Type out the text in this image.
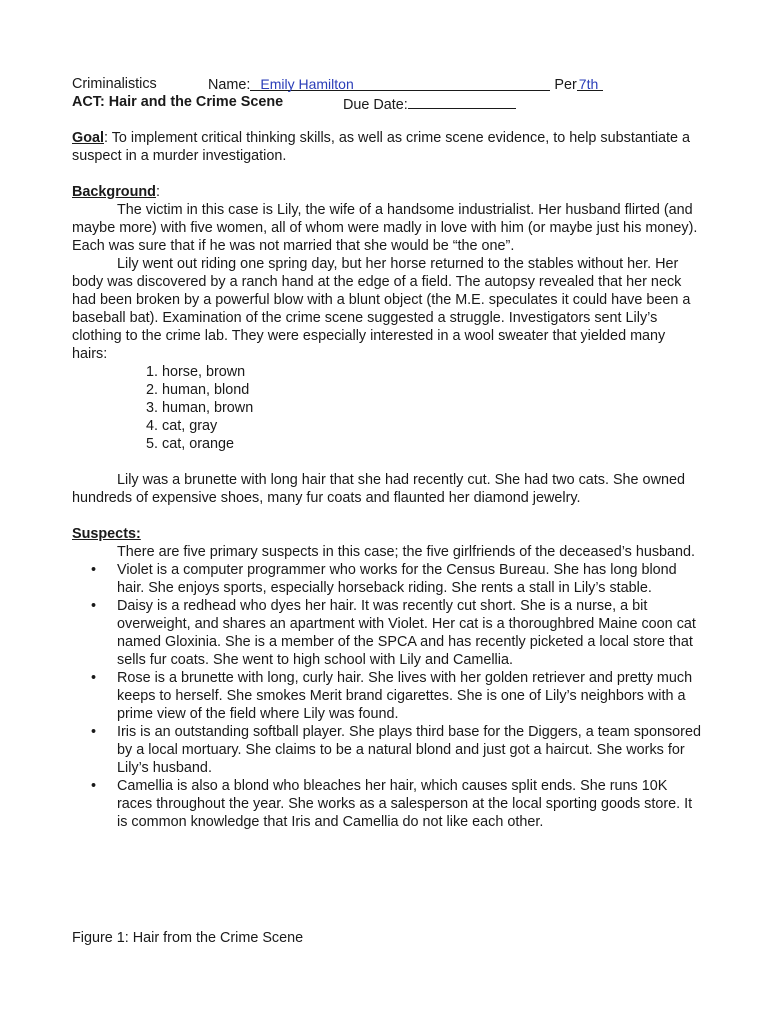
Criminalistics	Name: Emily Hamilton	Per 7th
ACT: Hair and the Crime Scene	Due Date:

Goal: To implement critical thinking skills, as well as crime scene evidence, to help substantiate a suspect in a murder investigation.

Background:

The victim in this case is Lily, the wife of a handsome industrialist. Her husband flirted (and maybe more) with five women, all of whom were madly in love with him (or maybe just his money). Each was sure that if he was not married that she would be “the one”.

Lily went out riding one spring day, but her horse returned to the stables without her. Her body was discovered by a ranch hand at the edge of a field. The autopsy revealed that her neck had been broken by a powerful blow with a blunt object (the M.E. speculates it could have been a baseball bat). Examination of the crime scene suggested a struggle. Investigators sent Lily’s clothing to the crime lab. They were especially interested in a wool sweater that yielded many hairs:

1. horse, brown
2. human, blond
3. human, brown
4. cat, gray
5. cat, orange

Lily was a brunette with long hair that she had recently cut. She had two cats. She owned hundreds of expensive shoes, many fur coats and flaunted her diamond jewelry.

Suspects:

There are five primary suspects in this case; the five girlfriends of the deceased’s husband.

• Violet is a computer programmer who works for the Census Bureau. She has long blond hair. She enjoys sports, especially horseback riding. She rents a stall in Lily’s stable.
• Daisy is a redhead who dyes her hair. It was recently cut short. She is a nurse, a bit overweight, and shares an apartment with Violet. Her cat is a thoroughbred Maine coon cat named Gloxinia. She is a member of the SPCA and has recently picketed a local store that sells fur coats. She went to high school with Lily and Camellia.
• Rose is a brunette with long, curly hair. She lives with her golden retriever and pretty much keeps to herself. She smokes Merit brand cigarettes. She is one of Lily’s neighbors with a prime view of the field where Lily was found.
• Iris is an outstanding softball player. She plays third base for the Diggers, a team sponsored by a local mortuary. She claims to be a natural blond and just got a haircut. She works for Lily’s husband.
• Camellia is also a blond who bleaches her hair, which causes split ends. She runs 10K races throughout the year. She works as a salesperson at the local sporting goods store. It is common knowledge that Iris and Camellia do not like each other.
Figure 1: Hair from the Crime Scene
